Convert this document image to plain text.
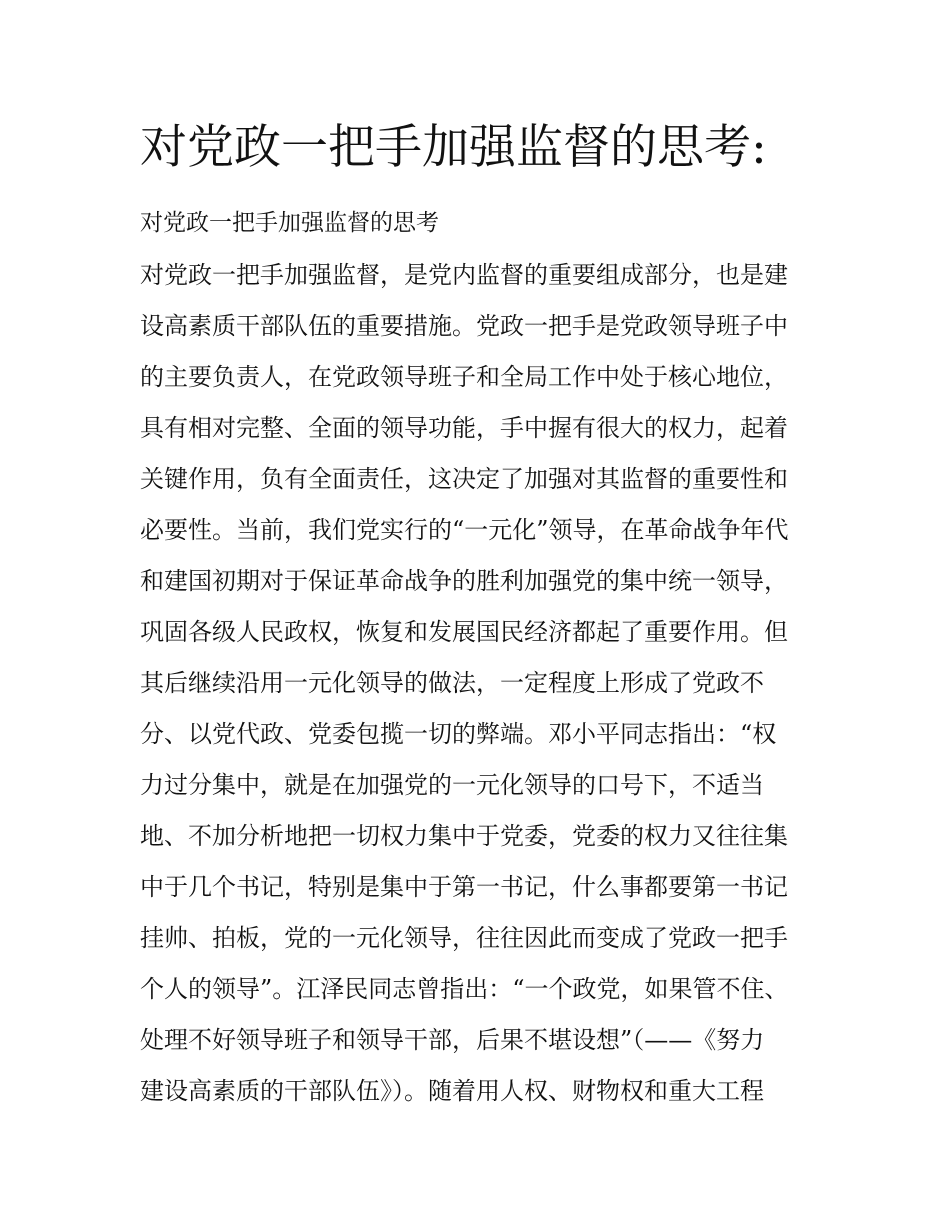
对党政一把手加强监督的思考:
对党政一把手加强监督的思考
对党政一把手加强监督，是党内监督的重要组成部分，也是建
设高素质干部队伍的重要措施。党政一把手是党政领导班子中
的主要负责人，在党政领导班子和全局工作中处于核心地位，
具有相对完整、全面的领导功能，手中握有很大的权力，起着
关键作用，负有全面责任，这决定了加强对其监督的重要性和
必要性。当前，我们党实行的“一元化”领导，在革命战争年代
和建国初期对于保证革命战争的胜利加强党的集中统一领导，
巩固各级人民政权，恢复和发展国民经济都起了重要作用。但
其后继续沿用一元化领导的做法，一定程度上形成了党政不
分、以党代政、党委包揽一切的弊端。邓小平同志指出：“权
力过分集中，就是在加强党的一元化领导的口号下，不适当
地、不加分析地把一切权力集中于党委，党委的权力又往往集
中于几个书记，特别是集中于第一书记，什么事都要第一书记
挂帅、拍板，党的一元化领导，往往因此而变成了党政一把手
个人的领导”。江泽民同志曾指出：“一个政党，如果管不住、
处理不好领导班子和领导干部，后果不堪设想”（——《努力
建设高素质的干部队伍》）。随着用人权、财物权和重大工程
